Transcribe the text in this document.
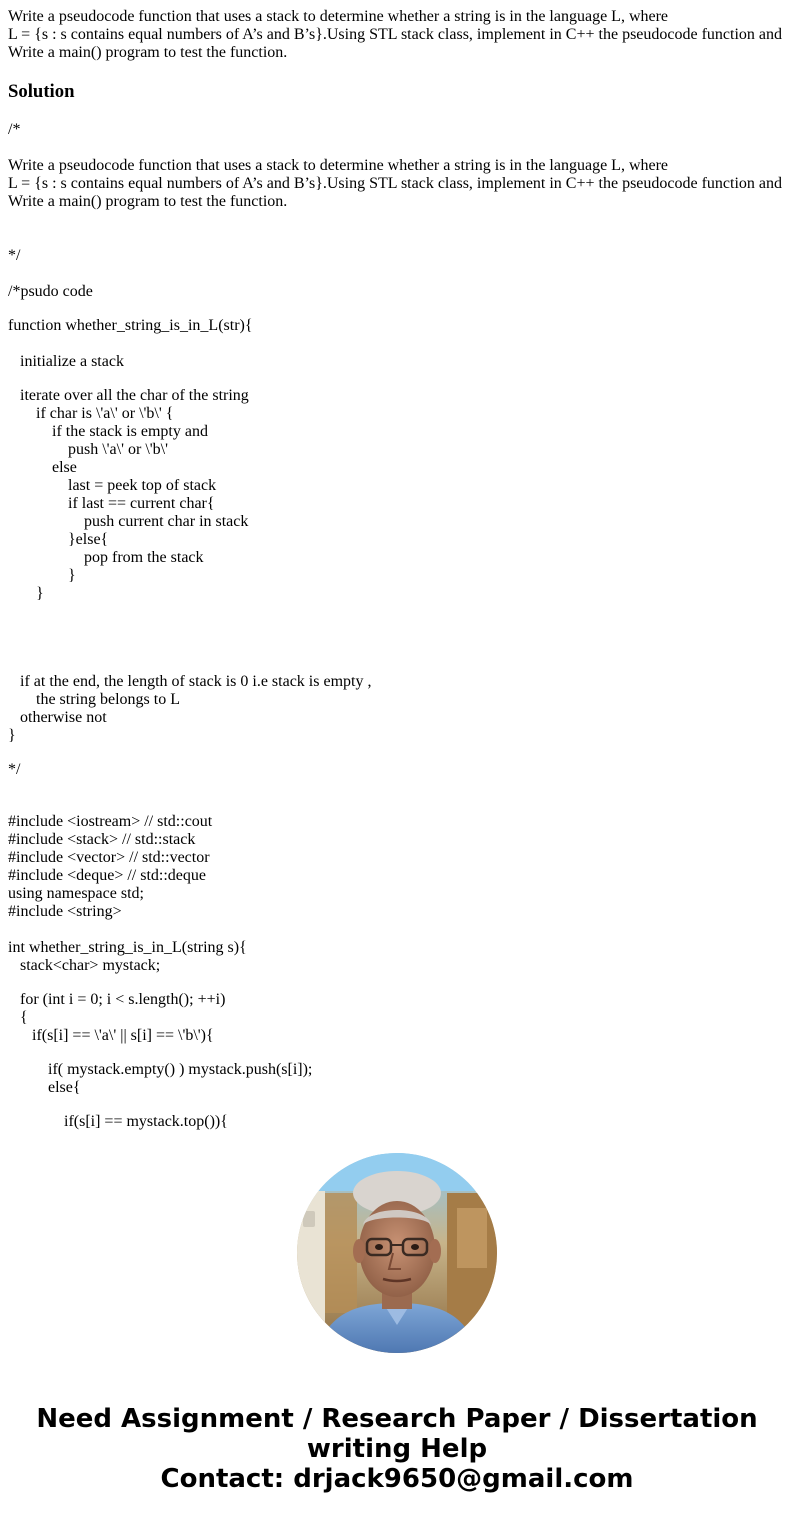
Write a pseudocode function that uses a stack to determine whether a string is in the language L, where

L = {s : s contains equal numbers of A’s and B’s}.Using STL stack class, implement in C++ the pseudocode function and

Write a main() program to test the function.

Solution

/*

Write a pseudocode function that uses a stack to determine whether a string is in the language L, where

L = {s : s contains equal numbers of A’s and B’s}.Using STL stack class, implement in C++ the pseudocode function and

Write a main() program to test the function.

*/

/*psudo code

function whether_string_is_in_L(str){

initialize a stack

iterate over all the char of the string

if char is \'a\' or \'b\' {

if the stack is empty and

push \'a\' or \'b\'

else

last = peek top of stack

if last == current char{

push current char in stack

}else{

pop from the stack

}

}

if at the end, the length of stack is 0 i.e stack is empty ,

the string belongs to L

otherwise not

}

*/

#include <iostream> // std::cout

#include <stack> // std::stack

#include <vector> // std::vector

#include <deque> // std::deque

using namespace std;

#include <string>

int whether_string_is_in_L(string s){

stack<char> mystack;

for (int i = 0; i < s.length(); ++i)

{

if(s[i] == \'a\' || s[i] == \'b\'){

if( mystack.empty() ) mystack.push(s[i]);

else{

if(s[i] == mystack.top()){

Need Assignment / Research Paper / Dissertation
writing Help
Contact: drjack9650@gmail.com
